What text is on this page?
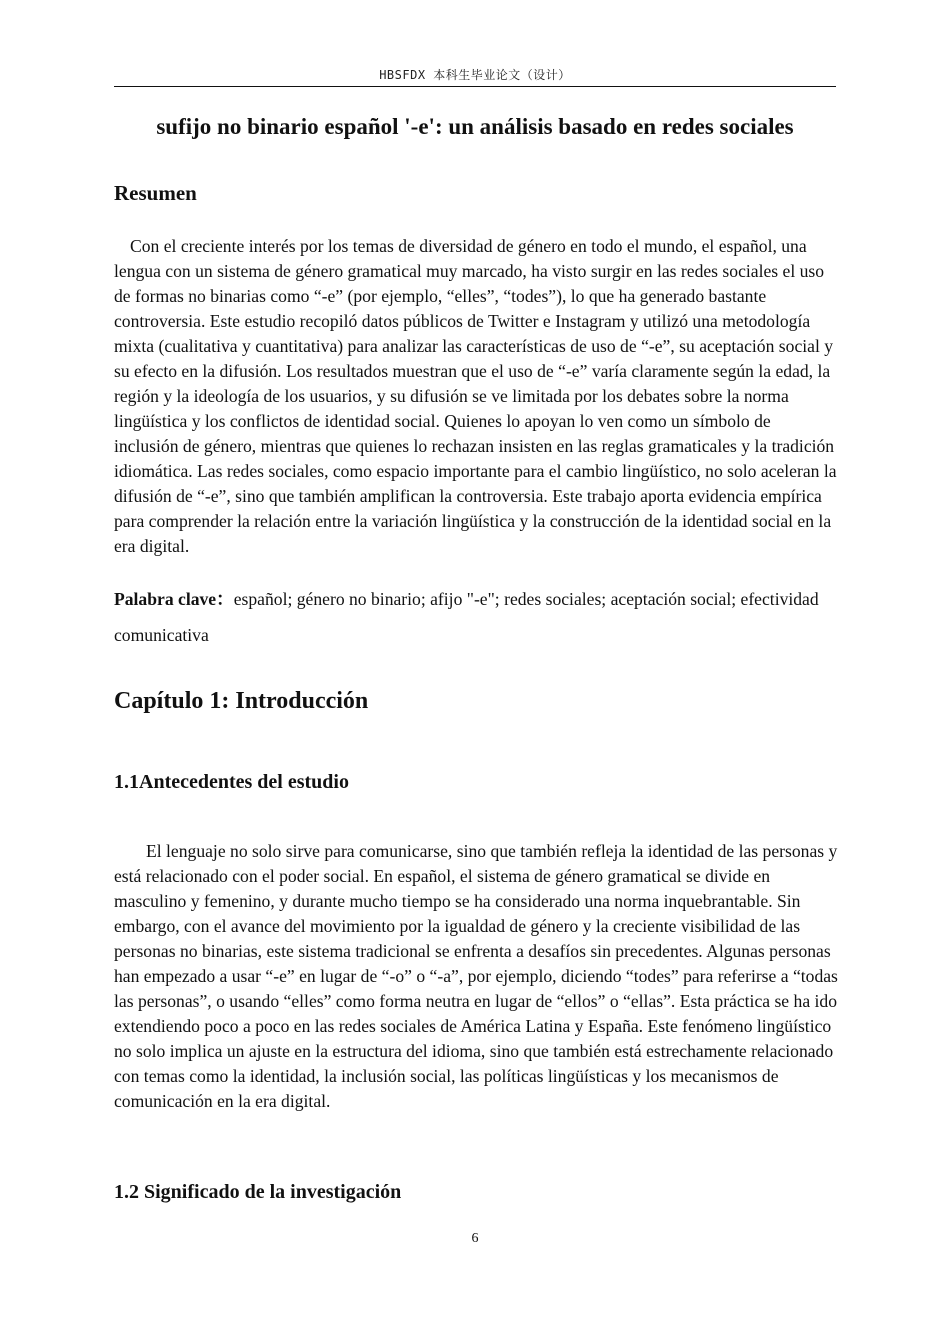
HBSFDX 本科生毕业论文（设计）
sufijo no binario español '-e': un análisis basado en redes sociales
Resumen

Con el creciente interés por los temas de diversidad de género en todo el mundo, el español, una lengua con un sistema de género gramatical muy marcado, ha visto surgir en las redes sociales el uso de formas no binarias como “-e” (por ejemplo, “elles”, “todes”), lo que ha generado bastante controversia. Este estudio recopiló datos públicos de Twitter e Instagram y utilizó una metodología mixta (cualitativa y cuantitativa) para analizar las características de uso de “-e”, su aceptación social y su efecto en la difusión. Los resultados muestran que el uso de “-e” varía claramente según la edad, la región y la ideología de los usuarios, y su difusión se ve limitada por los debates sobre la norma lingüística y los conflictos de identidad social. Quienes lo apoyan lo ven como un símbolo de inclusión de género, mientras que quienes lo rechazan insisten en las reglas gramaticales y la tradición idiomática. Las redes sociales, como espacio importante para el cambio lingüístico, no solo aceleran la difusión de “-e”, sino que también amplifican la controversia. Este trabajo aporta evidencia empírica para comprender la relación entre la variación lingüística y la construcción de la identidad social en la era digital.

Palabra clave：español; género no binario; afijo "-e"; redes sociales; aceptación social; efectividad comunicativa

Capítulo 1: Introducción
1.1Antecedentes del estudio

El lenguaje no solo sirve para comunicarse, sino que también refleja la identidad de las personas y está relacionado con el poder social. En español, el sistema de género gramatical se divide en masculino y femenino, y durante mucho tiempo se ha considerado una norma inquebrantable. Sin embargo, con el avance del movimiento por la igualdad de género y la creciente visibilidad de las personas no binarias, este sistema tradicional se enfrenta a desafíos sin precedentes. Algunas personas han empezado a usar “-e” en lugar de “-o” o “-a”, por ejemplo, diciendo “todes” para referirse a “todas las personas”, o usando “elles” como forma neutra en lugar de “ellos” o “ellas”. Esta práctica se ha ido extendiendo poco a poco en las redes sociales de América Latina y España. Este fenómeno lingüístico no solo implica un ajuste en la estructura del idioma, sino que también está estrechamente relacionado con temas como la identidad, la inclusión social, las políticas lingüísticas y los mecanismos de comunicación en la era digital.

1.2 Significado de la investigación
6
